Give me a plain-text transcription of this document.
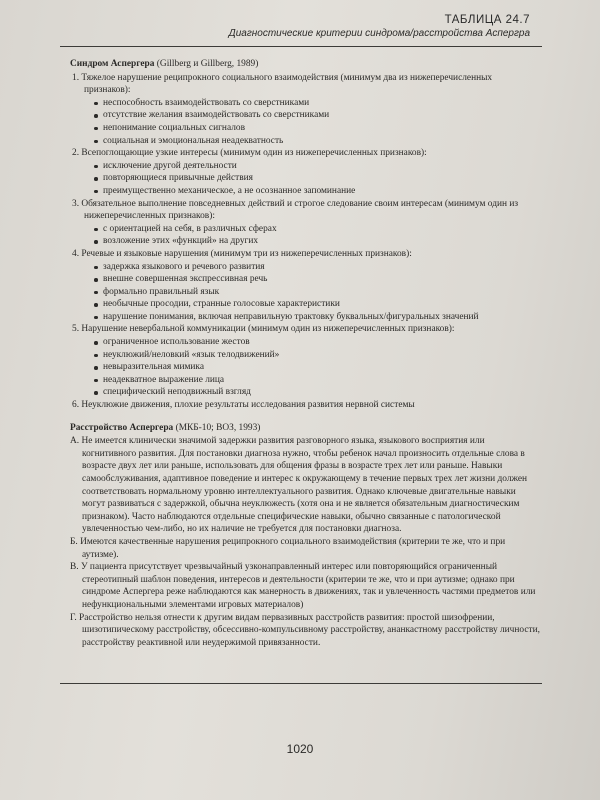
ТАБЛИЦА 24.7
Диагностические критерии синдрома/расстройства Аспергра
Синдром Аспергера (Gillberg и Gillberg, 1989)

1. Тяжелое нарушение реципрокного социального взаимодействия (минимум два из нижеперечисленных признаков):

неспособность взаимодействовать со сверстниками
отсутствие желания взаимодействовать со сверстниками
непонимание социальных сигналов
социальная и эмоциональная неадекватность

2. Всепоглощающие узкие интересы (минимум один из нижеперечисленных признаков):

исключение другой деятельности
повторяющиеся привычные действия
преимущественно механическое, а не осознанное запоминание

3. Обязательное выполнение повседневных действий и строгое следование своим интересам (минимум один из нижеперечисленных признаков):

с ориентацией на себя, в различных сферах
возложение этих «функций» на других

4. Речевые и языковые нарушения (минимум три из нижеперечисленных признаков):

задержка языкового и речевого развития
внешне совершенная экспрессивная речь
формально правильный язык
необычные просодии, странные голосовые характеристики
нарушение понимания, включая неправильную трактовку буквальных/фигуральных значений

5. Нарушение невербальной коммуникации (минимум один из нижеперечисленных признаков):

ограниченное использование жестов
неуклюжий/неловкий «язык телодвижений»
невыразительная мимика
неадекватное выражение лица
специфический неподвижный взгляд

6. Неуклюжие движения, плохие результаты исследования развития нервной системы

Расстройство Аспергера (МКБ-10; ВОЗ, 1993)

А. Не имеется клинически значимой задержки развития разговорного языка, языкового восприятия или когнитивного развития. Для постановки диагноза нужно, чтобы ребенок начал произносить отдельные слова в возрасте двух лет или раньше, использовать для общения фразы в возрасте трех лет или раньше. Навыки самообслуживания, адаптивное поведение и интерес к окружающему в течение первых трех лет жизни должен соответствовать нормальному уровню интеллектуального развития. Однако ключевые двигательные навыки могут развиваться с задержкой, обычна неуклюжесть (хотя она и не является обязательным диагностическим признаком). Часто наблюдаются отдельные специфические навыки, обычно связанные с патологической увлеченностью чем-либо, но их наличие не требуется для постановки диагноза.

Б. Имеются качественные нарушения реципрокного социального взаимодействия (критерии те же, что и при аутизме).

В. У пациента присутствует чрезвычайный узконаправленный интерес или повторяющийся ограниченный стереотипный шаблон поведения, интересов и деятельности (критерии те же, что и при аутизме; однако при синдроме Аспергера реже наблюдаются как манерность в движениях, так и увлеченность частями предметов или нефункциональными элементами игровых материалов)

Г. Расстройство нельзя отнести к другим видам первазивных расстройств развития: простой шизофрении, шизотипическому расстройству, обсессивно-компульсивному расстройству, ананкастному расстройству личности, расстройству реактивной или неудержимой привязанности.

1020
